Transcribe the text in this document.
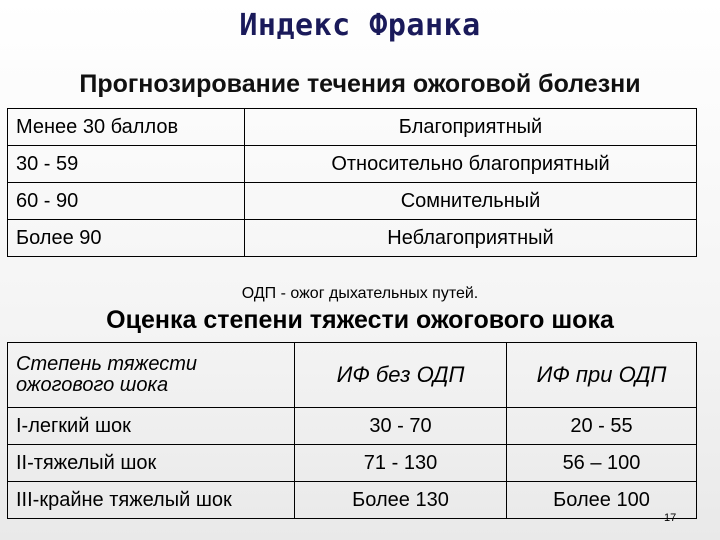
Индекс Франка
Прогнозирование течения ожоговой болезни
Менее 30 баллов	Благоприятный
30 - 59	Относительно благоприятный
60 - 90	Сомнительный
Более 90	Неблагоприятный
ОДП - ожог дыхательных путей.
Оценка степени тяжести ожогового шока
Степень тяжести ожогового шока	ИФ без ОДП	ИФ при ОДП
I-легкий шок	30 - 70	20 - 55
II-тяжелый шок	71 - 130	56 – 100
III-крайне тяжелый шок	Более 130	Более 100
17
